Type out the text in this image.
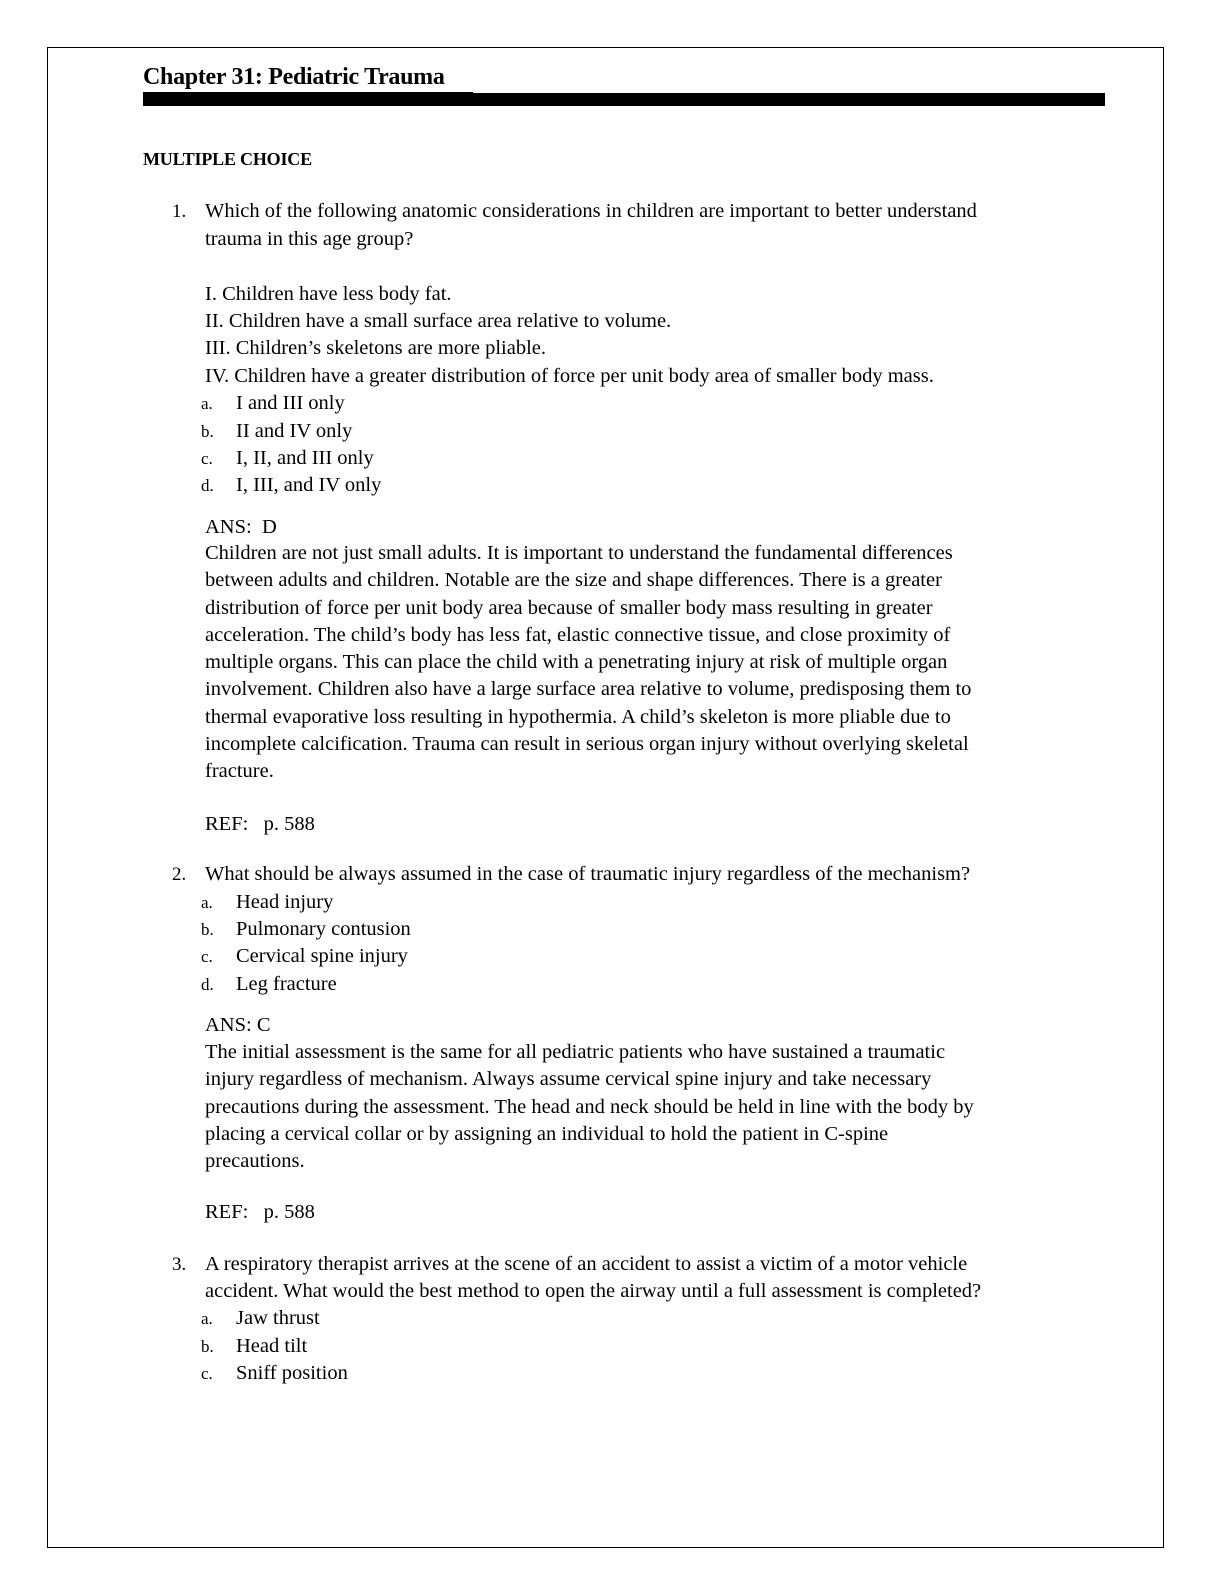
Chapter 31: Pediatric Trauma
MULTIPLE CHOICE
1. Which of the following anatomic considerations in children are important to better understand
trauma in this age group?
I. Children have less body fat.
II. Children have a small surface area relative to volume.
III. Children’s skeletons are more pliable.
IV. Children have a greater distribution of force per unit body area of smaller body mass.
a. I and III only
b. II and IV only
c. I, II, and III only
d. I, III, and IV only
ANS:  D
Children are not just small adults. It is important to understand the fundamental differences
between adults and children. Notable are the size and shape differences. There is a greater
distribution of force per unit body area because of smaller body mass resulting in greater
acceleration. The child’s body has less fat, elastic connective tissue, and close proximity of
multiple organs. This can place the child with a penetrating injury at risk of multiple organ
involvement. Children also have a large surface area relative to volume, predisposing them to
thermal evaporative loss resulting in hypothermia. A child’s skeleton is more pliable due to
incomplete calcification. Trauma can result in serious organ injury without overlying skeletal
fracture.
REF:   p. 588
2. What should be always assumed in the case of traumatic injury regardless of the mechanism?
a. Head injury
b. Pulmonary contusion
c. Cervical spine injury
d. Leg fracture
ANS: C
The initial assessment is the same for all pediatric patients who have sustained a traumatic
injury regardless of mechanism. Always assume cervical spine injury and take necessary
precautions during the assessment. The head and neck should be held in line with the body by
placing a cervical collar or by assigning an individual to hold the patient in C-spine
precautions.
REF:   p. 588
3. A respiratory therapist arrives at the scene of an accident to assist a victim of a motor vehicle
accident. What would the best method to open the airway until a full assessment is completed?
a. Jaw thrust
b. Head tilt
c. Sniff position
